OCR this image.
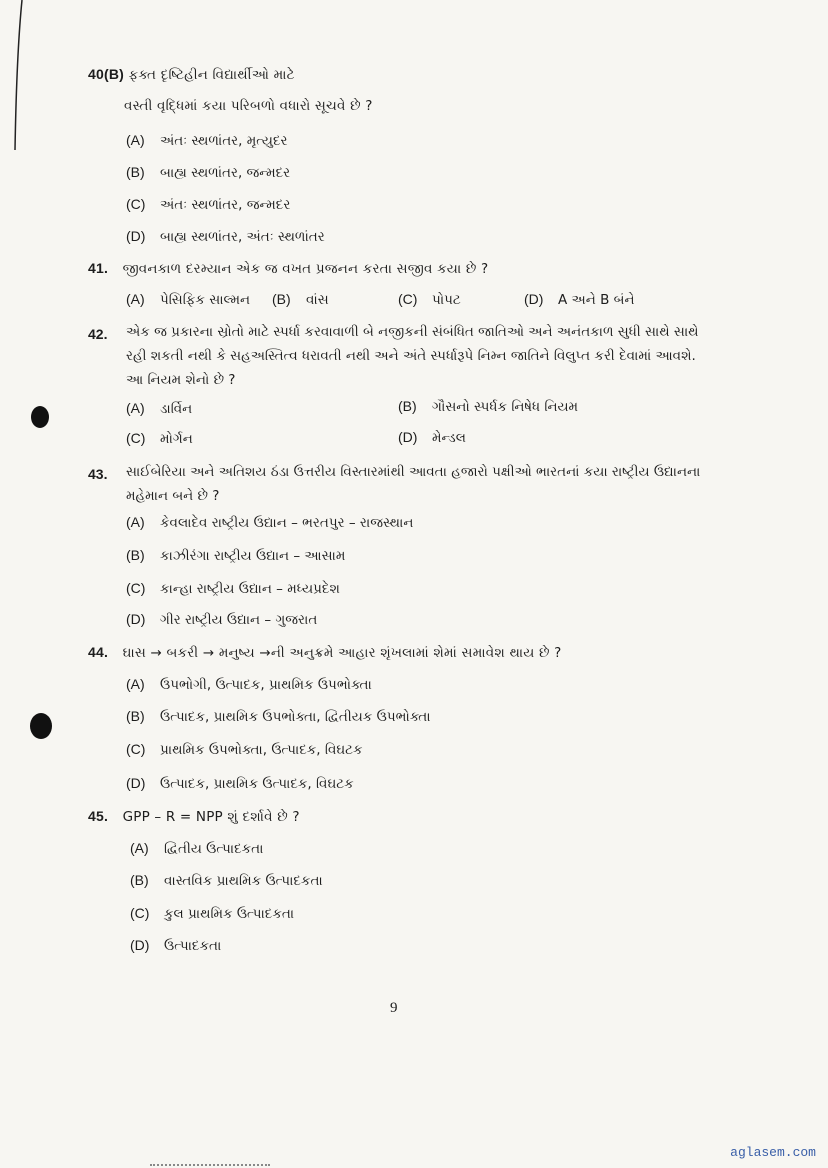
40(B) ફક્ત દૃષ્ટિહીન વિદ્યાર્થીઓ માટે
વસ્તી વૃદ્ધિમાં કયા પરિબળો વધારો સૂચવે છે ?
(A) અંતઃ સ્થળાંતર, મૃત્યુદર
(B) બાહ્ય સ્થળાંતર, જન્મદર
(C) અંતઃ સ્થળાંતર, જન્મદર
(D) બાહ્ય સ્થળાંતર, અંતઃ સ્થળાંતર
41. જીવનકાળ દરમ્યાન એક જ વખત પ્રજનન કરતા સજીવ કયા છે ?
(A) પેસિફિક સાલ્મન (B) વાંસ	(C) પોપટ	(D) A અને B બંને
42. એક જ પ્રકારના સ્રોતો માટે સ્પર્ધા કરવાવાળી બે નજીકની સંબંધિત જાતિઓ અને અનંતકાળ સુધી સાથે સાથે રહી શકતી નથી કે સહઅસ્તિત્વ ધરાવતી નથી અને અંતે સ્પર્ધારૂપે નિમ્ન જાતિને વિલુપ્ત કરી દેવામાં આવશે. આ નિયમ શેનો છે ?
(A) ડાર્વિન	(B) ગૌસનો સ્પર્ધક નિષેધ નિયમ
(C) મોર્ગન	(D) મેન્ડલ
43. સાઈબેરિયા અને અતિશય ઠંડા ઉત્તરીય વિસ્તારમાંથી આવતા હજારો પક્ષીઓ ભારતનાં કયા રાષ્ટ્રીય ઉદ્યાનના મહેમાન બને છે ?
(A) કેવલાદેવ રાષ્ટ્રીય ઉદ્યાન – ભરતપુર – રાજસ્થાન
(B) કાઝીરંગા રાષ્ટ્રીય ઉદ્યાન – આસામ
(C) કાન્હા રાષ્ટ્રીય ઉદ્યાન – મધ્યપ્રદેશ
(D) ગીર રાષ્ટ્રીય ઉદ્યાન – ગુજરાત
44. ઘાસ → બકરી → મનુષ્ય →ની અનુક્રમે આહાર શૃંખલામાં શેમાં સમાવેશ થાય છે ?
(A) ઉપભોગી, ઉત્પાદક, પ્રાથમિક ઉપભોક્તા
(B) ઉત્પાદક, પ્રાથમિક ઉપભોક્તા, દ્વિતીયક ઉપભોક્તા
(C) પ્રાથમિક ઉપભોક્તા, ઉત્પાદક, વિઘટક
(D) ઉત્પાદક, પ્રાથમિક ઉત્પાદક, વિઘટક
45. GPP – R = NPP શું દર્શાવે છે ?
(A) દ્વિતીય ઉત્પાદકતા
(B) વાસ્તવિક પ્રાથમિક ઉત્પાદકતા
(C) કુલ પ્રાથમિક ઉત્પાદકતા
(D) ઉત્પાદકતા
9
aglasem.com
